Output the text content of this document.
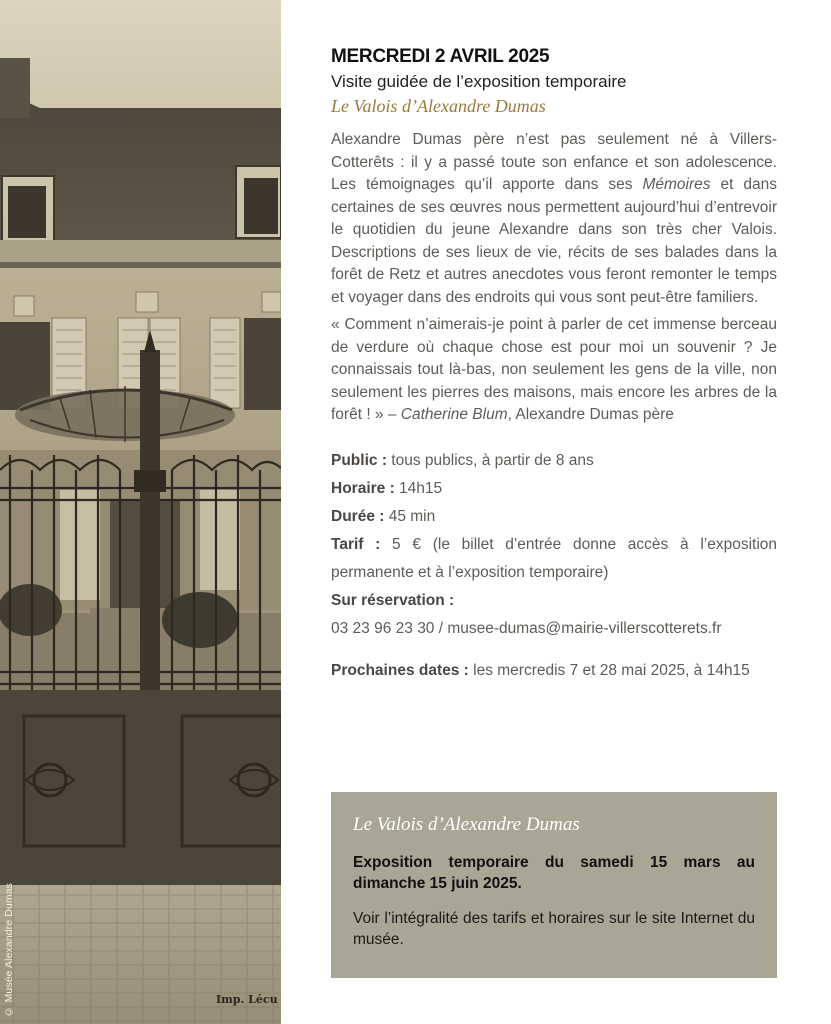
Imp. Lécu
© Musée Alexandre Dumas
MERCREDI 2 AVRIL 2025

Visite guidée de l’exposition temporaire

Le Valois d’Alexandre Dumas

Alexandre Dumas père n’est pas seulement né à Villers-Cotterêts : il y a passé toute son enfance et son adolescence. Les témoignages qu’il apporte dans ses Mémoires et dans certaines de ses œuvres nous permettent aujourd’hui d’entrevoir le quotidien du jeune Alexandre dans son très cher Valois. Descriptions de ses lieux de vie, récits de ses balades dans la forêt de Retz et autres anecdotes vous feront remonter le temps et voyager dans des endroits qui vous sont peut-être familiers.

« Comment n’aimerais-je point à parler de cet immense berceau de verdure où chaque chose est pour moi un souvenir ? Je connaissais tout là-bas, non seulement les gens de la ville, non seulement les pierres des maisons, mais encore les arbres de la forêt ! » – Catherine Blum, Alexandre Dumas père

Public : tous publics, à partir de 8 ans

Horaire : 14h15

Durée : 45 min

Tarif : 5 € (le billet d’entrée donne accès à l’exposition permanente et à l’exposition temporaire)

Sur réservation :

03 23 96 23 30 / musee-dumas@mairie-villerscotterets.fr

Prochaines dates : les mercredis 7 et 28 mai 2025, à 14h15

Le Valois d’Alexandre Dumas

Exposition temporaire du samedi 15 mars au dimanche 15 juin 2025.

Voir l’intégralité des tarifs et horaires sur le site Internet du musée.
